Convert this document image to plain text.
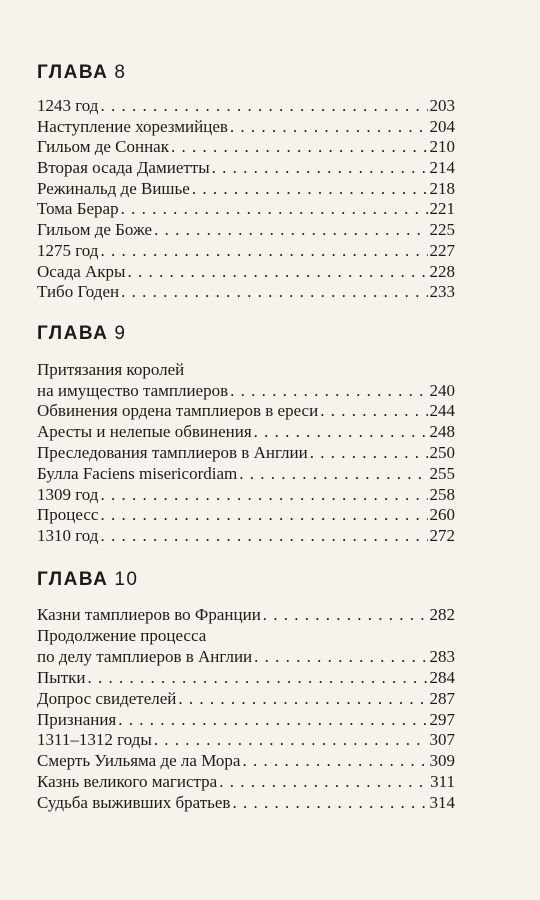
ГЛАВА 8
1243 год . . .	203
Наступление хорезмийцев . . .	204
Гильом де Соннак . . .	210
Вторая осада Дамиетты . . .	214
Режинальд де Вишье . . .	218
Тома Берар . . .	221
Гильом де Боже . . .	225
1275 год . . .	227
Осада Акры . . .	228
Тибо Годен . . .	233
ГЛАВА 9
Притязания королей
на имущество тамплиеров . . .	240
Обвинения ордена тамплиеров в ереси . . .	244
Аресты и нелепые обвинения . . .	248
Преследования тамплиеров в Англии . . .	250
Булла Faciens misericordiam . . .	255
1309 год . . .	258
Процесс . . .	260
1310 год . . .	272
ГЛАВА 10
Казни тамплиеров во Франции . . .	282
Продолжение процесса
по делу тамплиеров в Англии . . .	283
Пытки . . .	284
Допрос свидетелей . . .	287
Признания . . .	297
1311–1312 годы . . .	307
Смерть Уильяма де ла Мора . . .	309
Казнь великого магистра . . .	311
Судьба выживших братьев . . .	314
